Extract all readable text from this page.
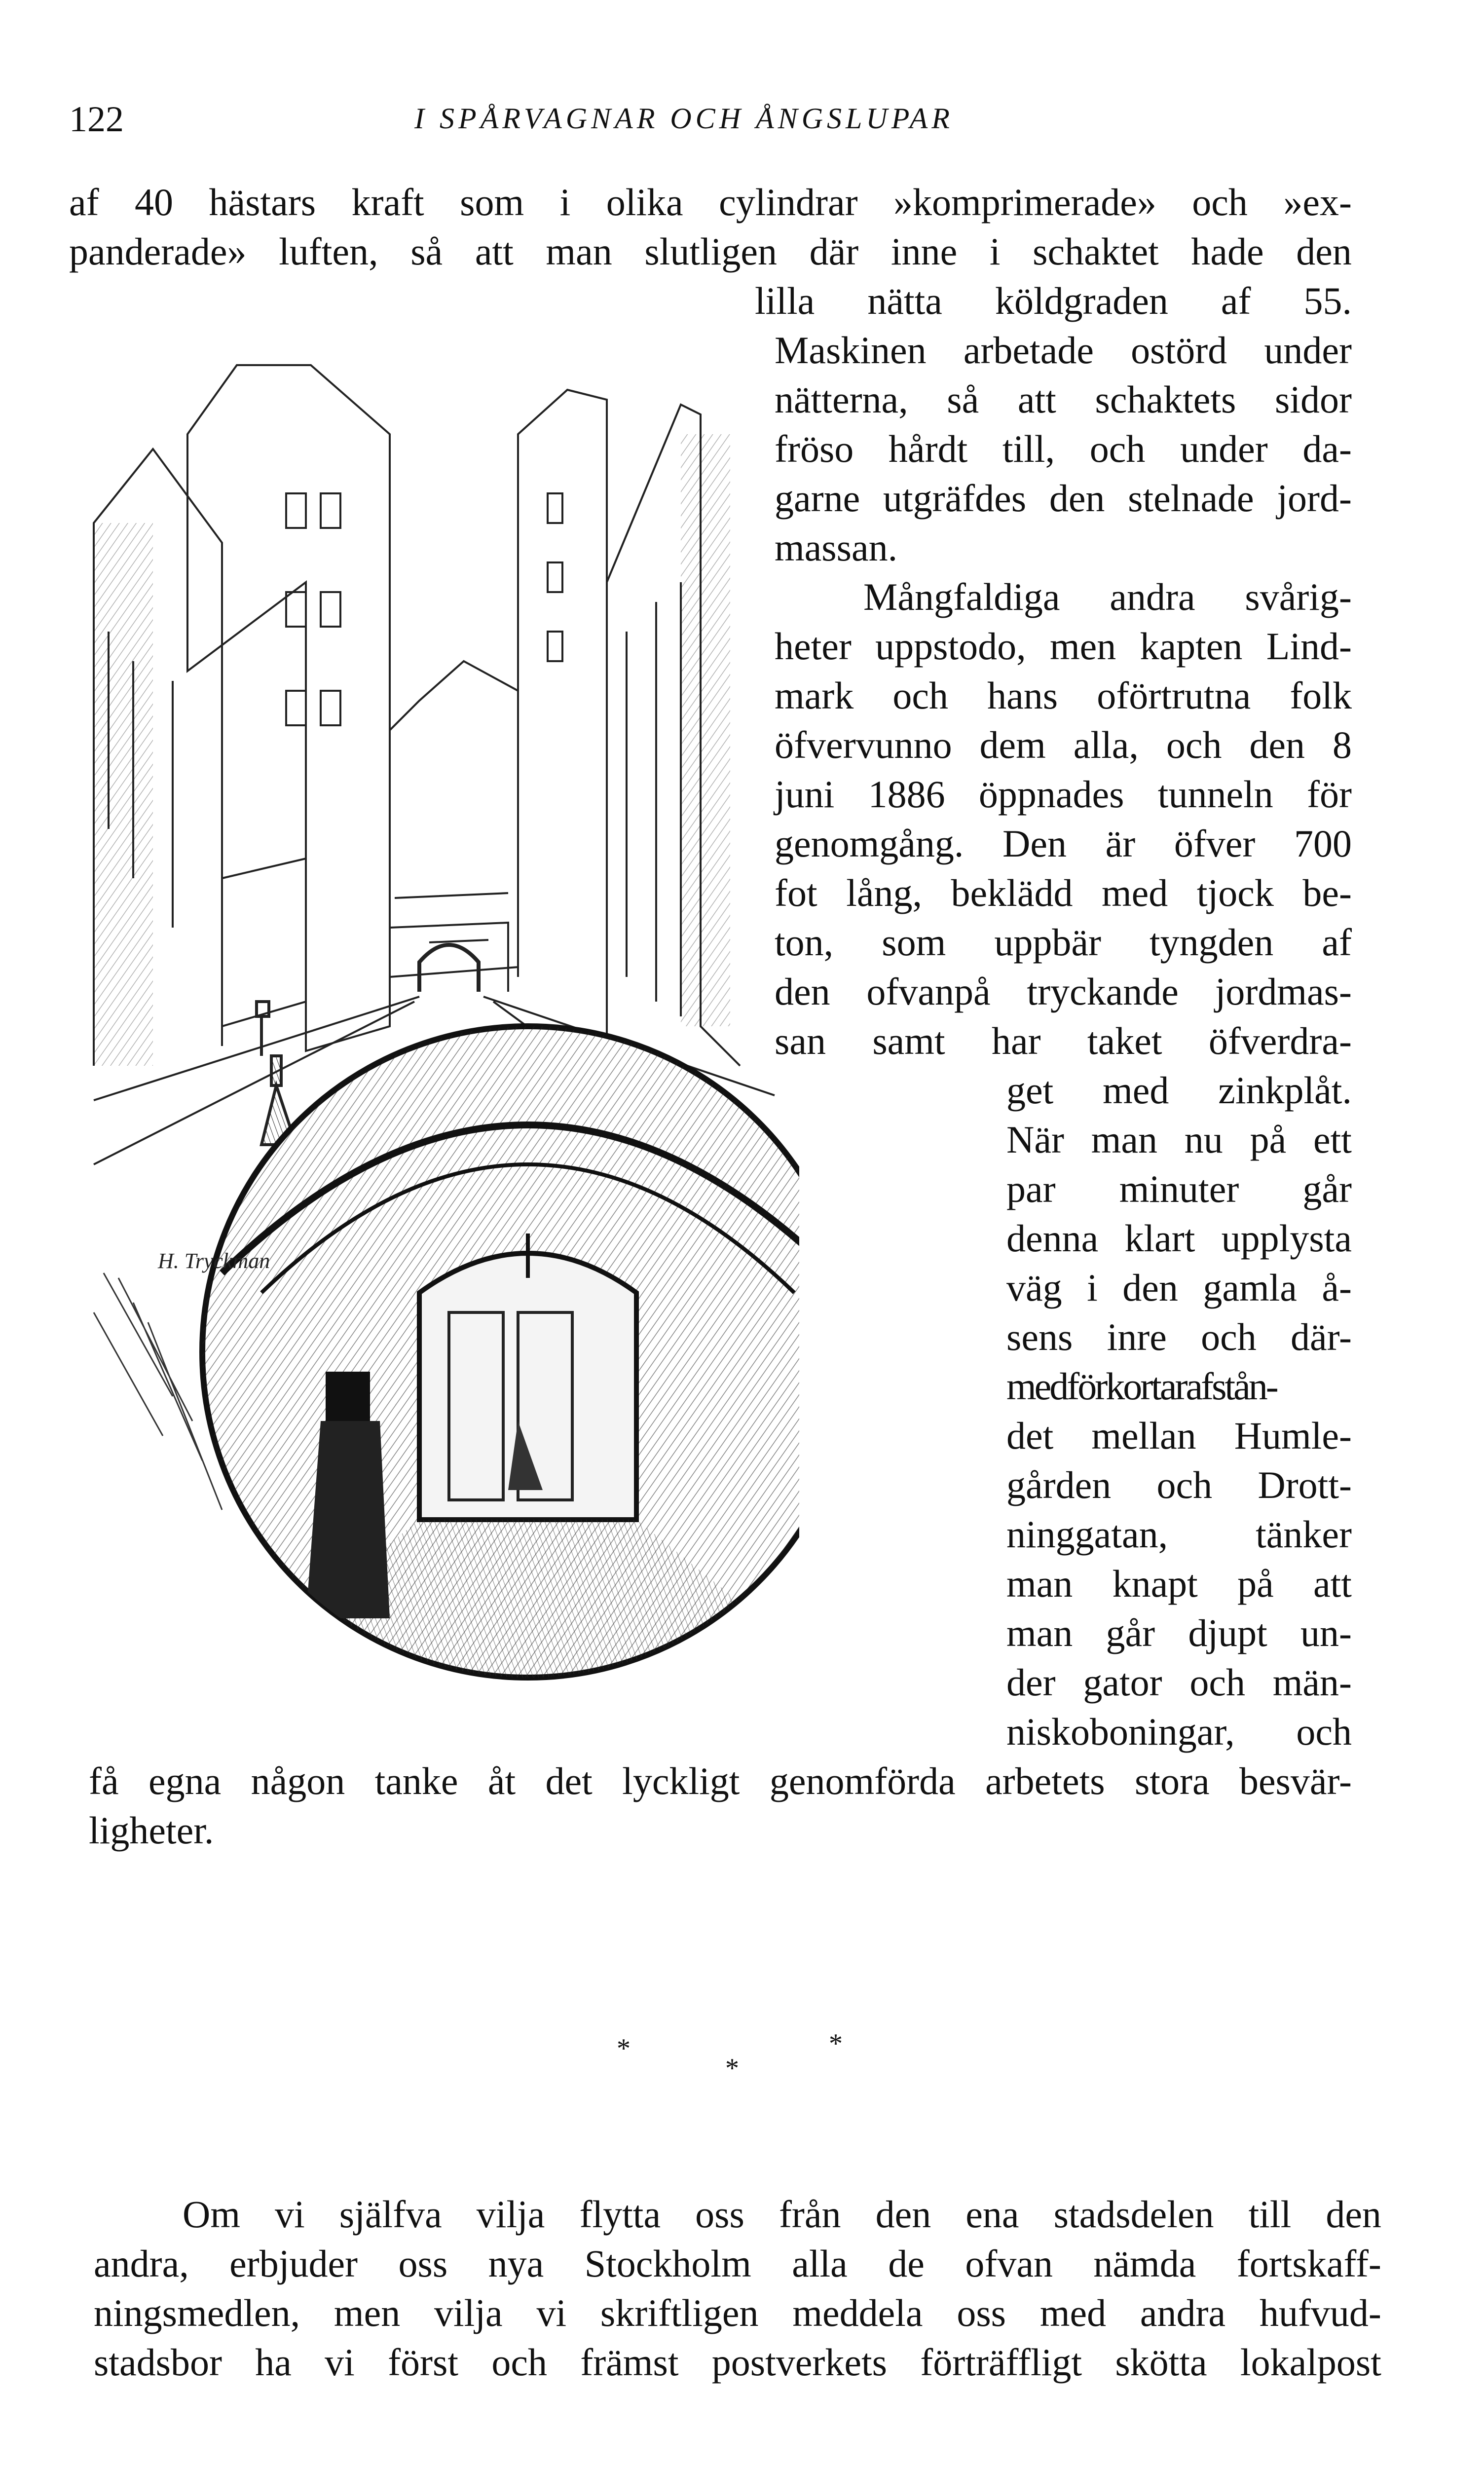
122	I SPÅRVAGNAR OCH ÅNGSLUPAR
af 40 hästars kraft som i olika cylindrar »komprimerade» och »ex-
panderade» luften, så att man slutligen där inne i schaktet hade den
lilla nätta köldgraden af 55.
Maskinen arbetade ostörd under
nätterna, så att schaktets sidor
fröso hårdt till, och under da-
garne utgräfdes den stelnade jord-
massan.
Mångfaldiga andra svårig-
heter uppstodo, men kapten Lind-
mark och hans oförtrutna folk
öfvervunno dem alla, och den 8
juni 1886 öppnades tunneln för
genomgång. Den är öfver 700
fot lång, beklädd med tjock be-
ton, som uppbär tyngden af
den ofvanpå tryckande jordmas-
san samt har taket öfverdra-
get med zinkplåt.
När man nu på ett
par minuter går
denna klart upplysta
väg i den gamla å-
sens inre och där-
medförkortarafstån-
det mellan Humle-
gården och Drott-
ninggatan, tänker
man knapt på att
man går djupt un-
der gator och män-
niskoboningar, och
få egna någon tanke åt det lyckligt genomförda arbetets stora besvär-
ligheter.
*
*
*
Om vi själfva vilja flytta oss från den ena stadsdelen till den
andra, erbjuder oss nya Stockholm alla de ofvan nämda fortskaff-
ningsmedlen, men vilja vi skriftligen meddela oss med andra hufvud-
stadsbor ha vi först och främst postverkets förträffligt skötta lokalpost
H. Tryckman
